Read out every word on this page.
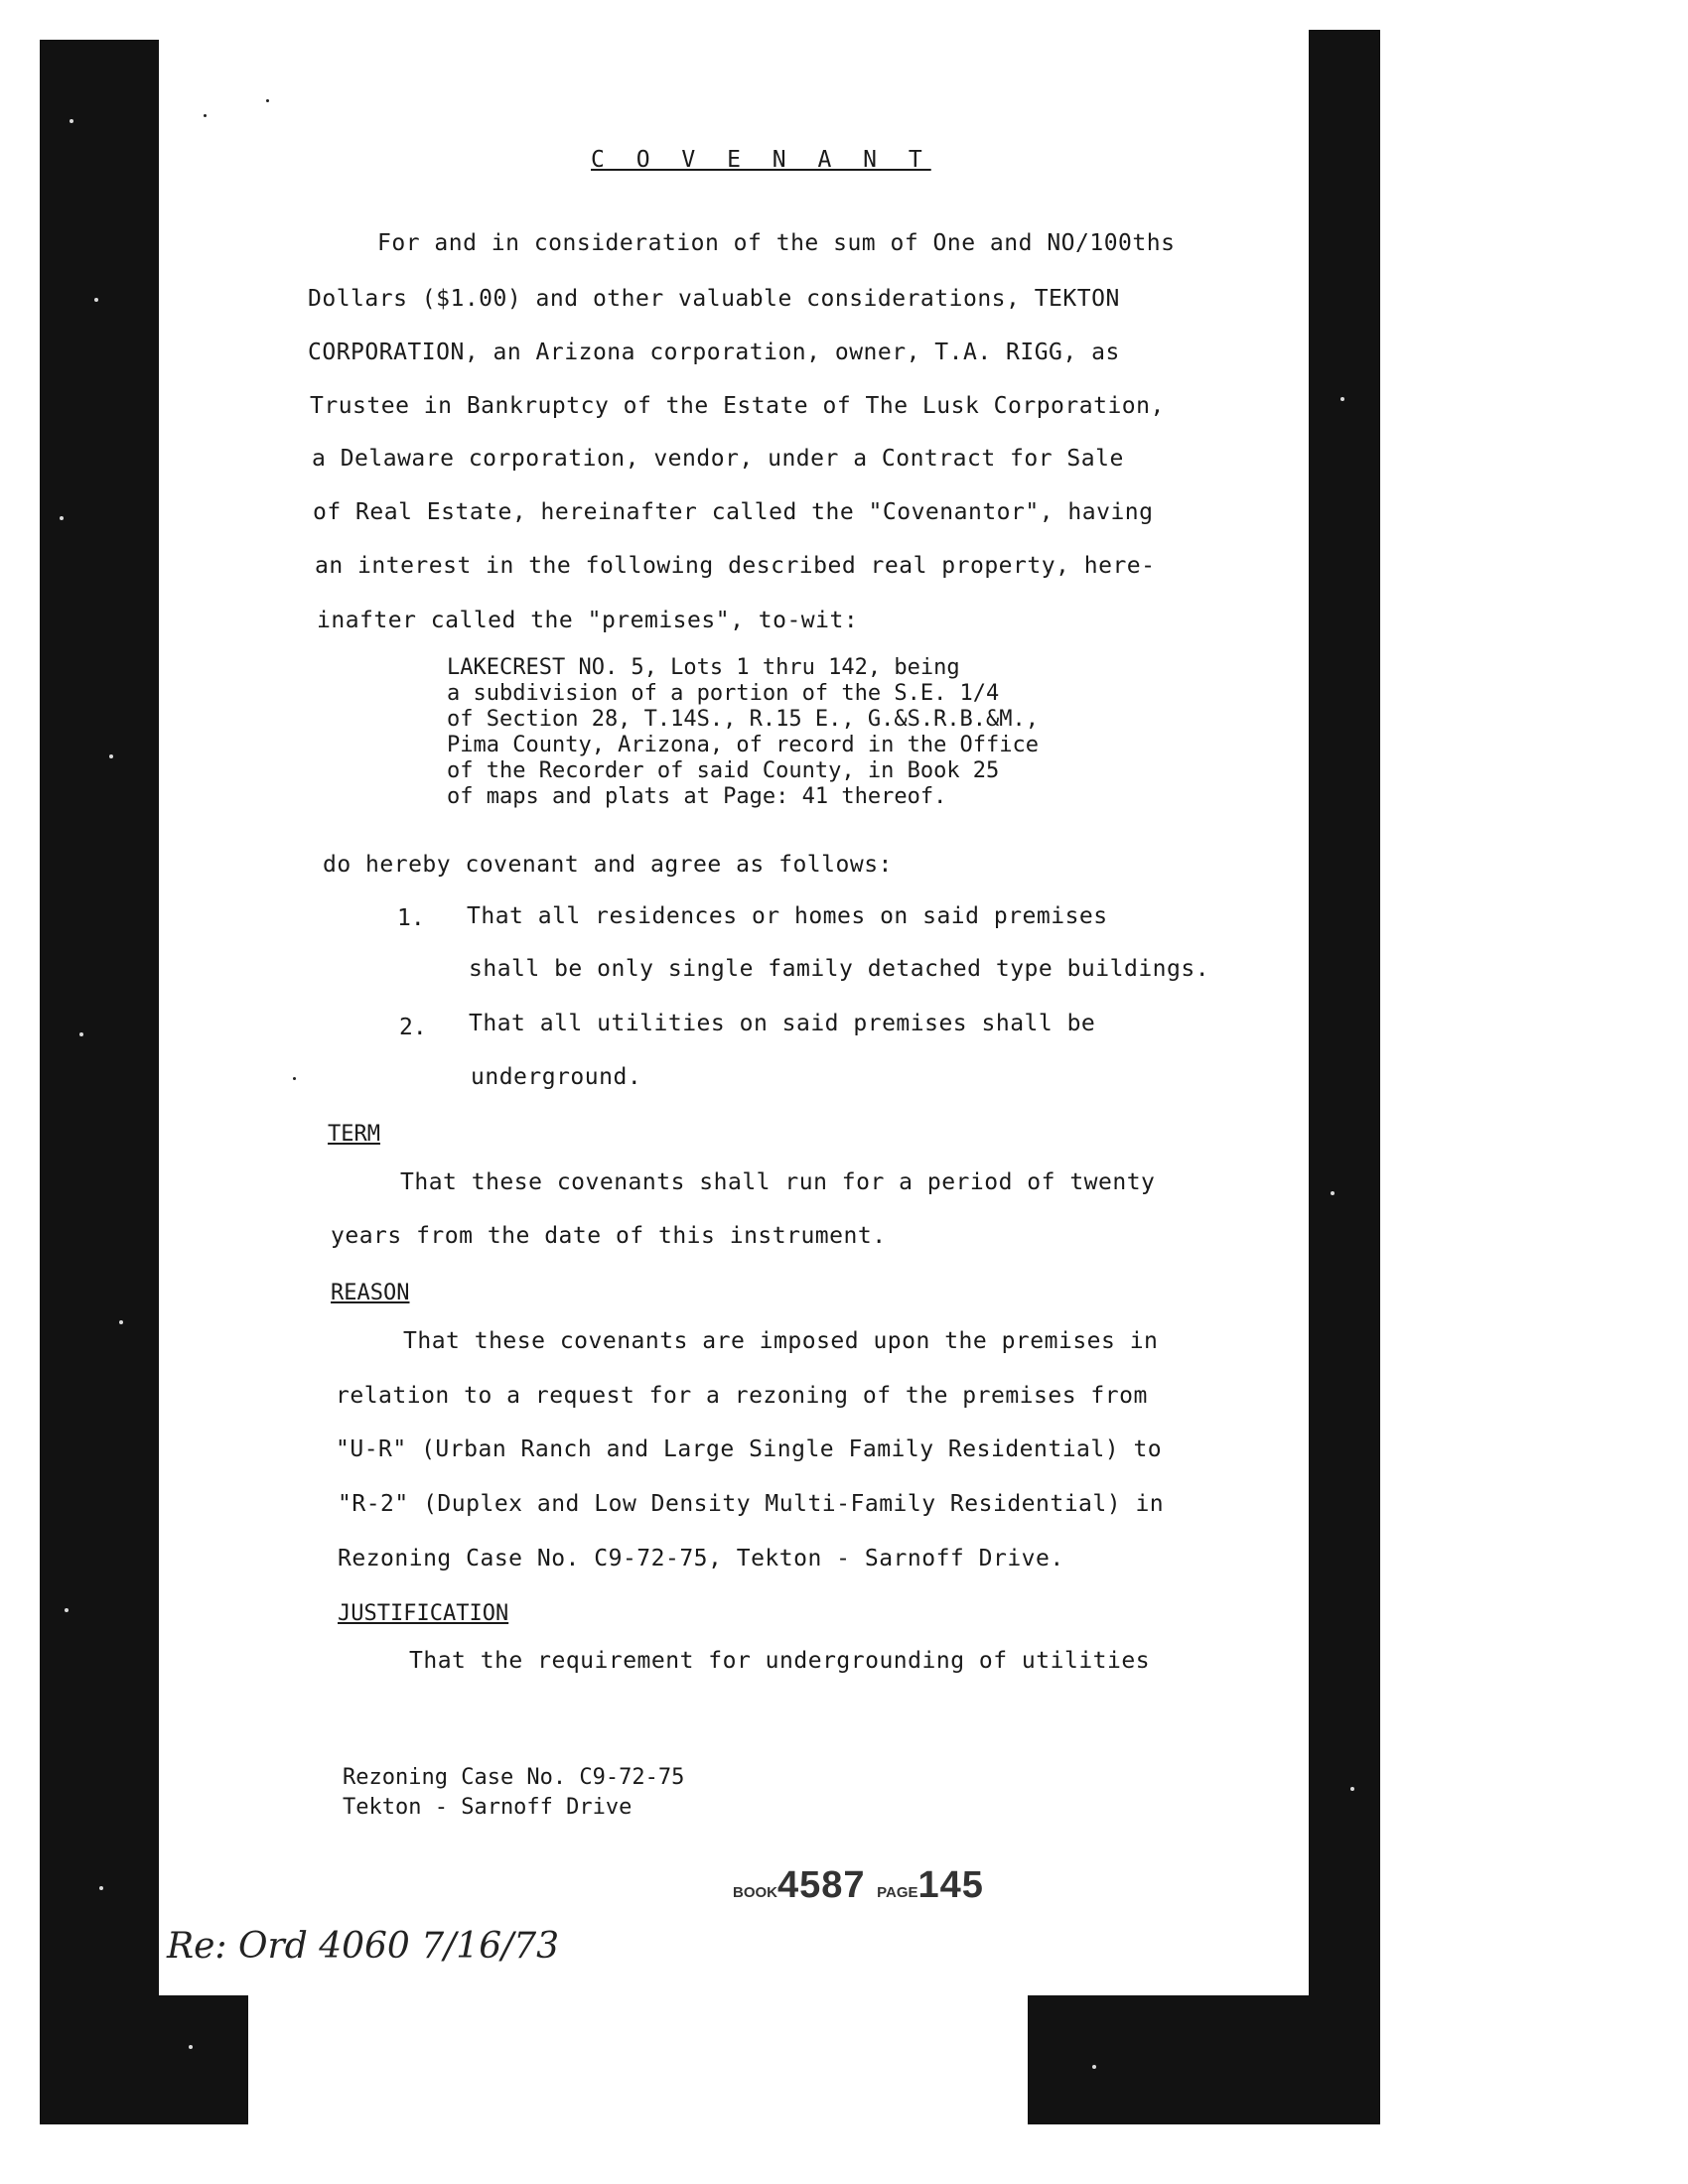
C O V E N A N T
For and in consideration of the sum of One and NO/100ths
Dollars ($1.00) and other valuable considerations, TEKTON
CORPORATION, an Arizona corporation, owner, T.A. RIGG, as
Trustee in Bankruptcy of the Estate of The Lusk Corporation,
a Delaware corporation, vendor, under a Contract for Sale
of Real Estate, hereinafter called the "Covenantor", having
an interest in the following described real property, here-
inafter called the "premises", to-wit:
LAKECREST NO. 5, Lots 1 thru 142, being
a subdivision of a portion of the S.E. 1/4
of Section 28, T.14S., R.15 E., G.&S.R.B.&M.,
Pima County, Arizona, of record in the Office
of the Recorder of said County, in Book 25
of maps and plats at Page: 41 thereof.
do hereby covenant and agree as follows:
1. That all residences or homes on said premises
shall be only single family detached type buildings.
2. That all utilities on said premises shall be
underground.
TERM
That these covenants shall run for a period of twenty
years from the date of this instrument.
REASON
That these covenants are imposed upon the premises in
relation to a request for a rezoning of the premises from
"U-R" (Urban Ranch and Large Single Family Residential) to
"R-2" (Duplex and Low Density Multi-Family Residential) in
Rezoning Case No. C9-72-75, Tekton - Sarnoff Drive.
JUSTIFICATION
That the requirement for undergrounding of utilities
Rezoning Case No. C9-72-75
Tekton - Sarnoff Drive
BOOK4587 PAGE145
Re: Ord 4060 7/16/73
